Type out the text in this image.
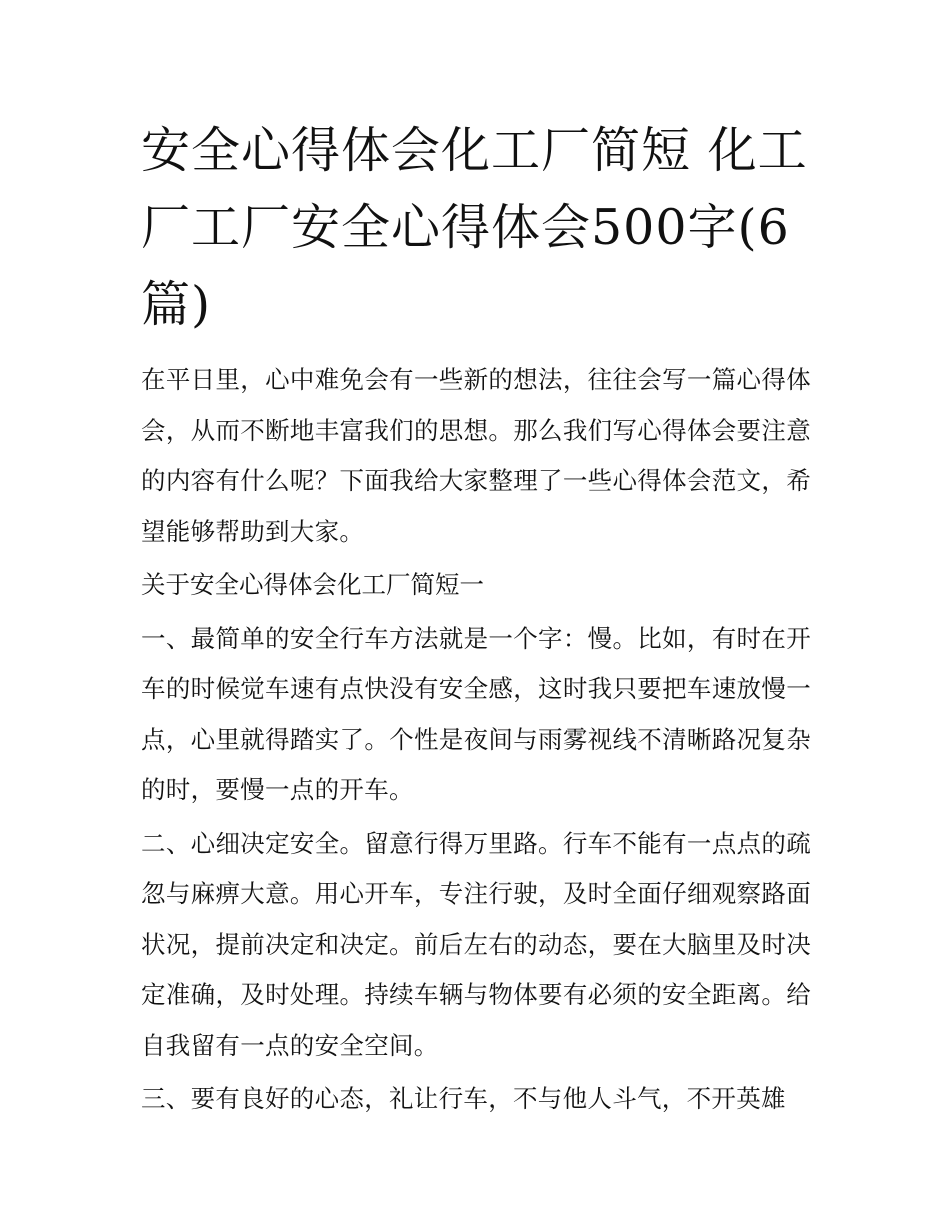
安全心得体会化工厂简短 化工厂工厂安全心得体会500字(6篇)

在平日里，心中难免会有一些新的想法，往往会写一篇心得体会，从而不断地丰富我们的思想。那么我们写心得体会要注意的内容有什么呢？下面我给大家整理了一些心得体会范文，希望能够帮助到大家。

关于安全心得体会化工厂简短一

一、最简单的安全行车方法就是一个字：慢。比如，有时在开车的时候觉车速有点快没有安全感，这时我只要把车速放慢一点，心里就得踏实了。个性是夜间与雨雾视线不清晰路况复杂的时，要慢一点的开车。

二、心细决定安全。留意行得万里路。行车不能有一点点的疏忽与麻痹大意。用心开车，专注行驶，及时全面仔细观察路面状况，提前决定和决定。前后左右的动态，要在大脑里及时决定准确，及时处理。持续车辆与物体要有必须的安全距离。给自我留有一点的安全空间。

三、要有良好的心态，礼让行车，不与他人斗气，不开英雄
